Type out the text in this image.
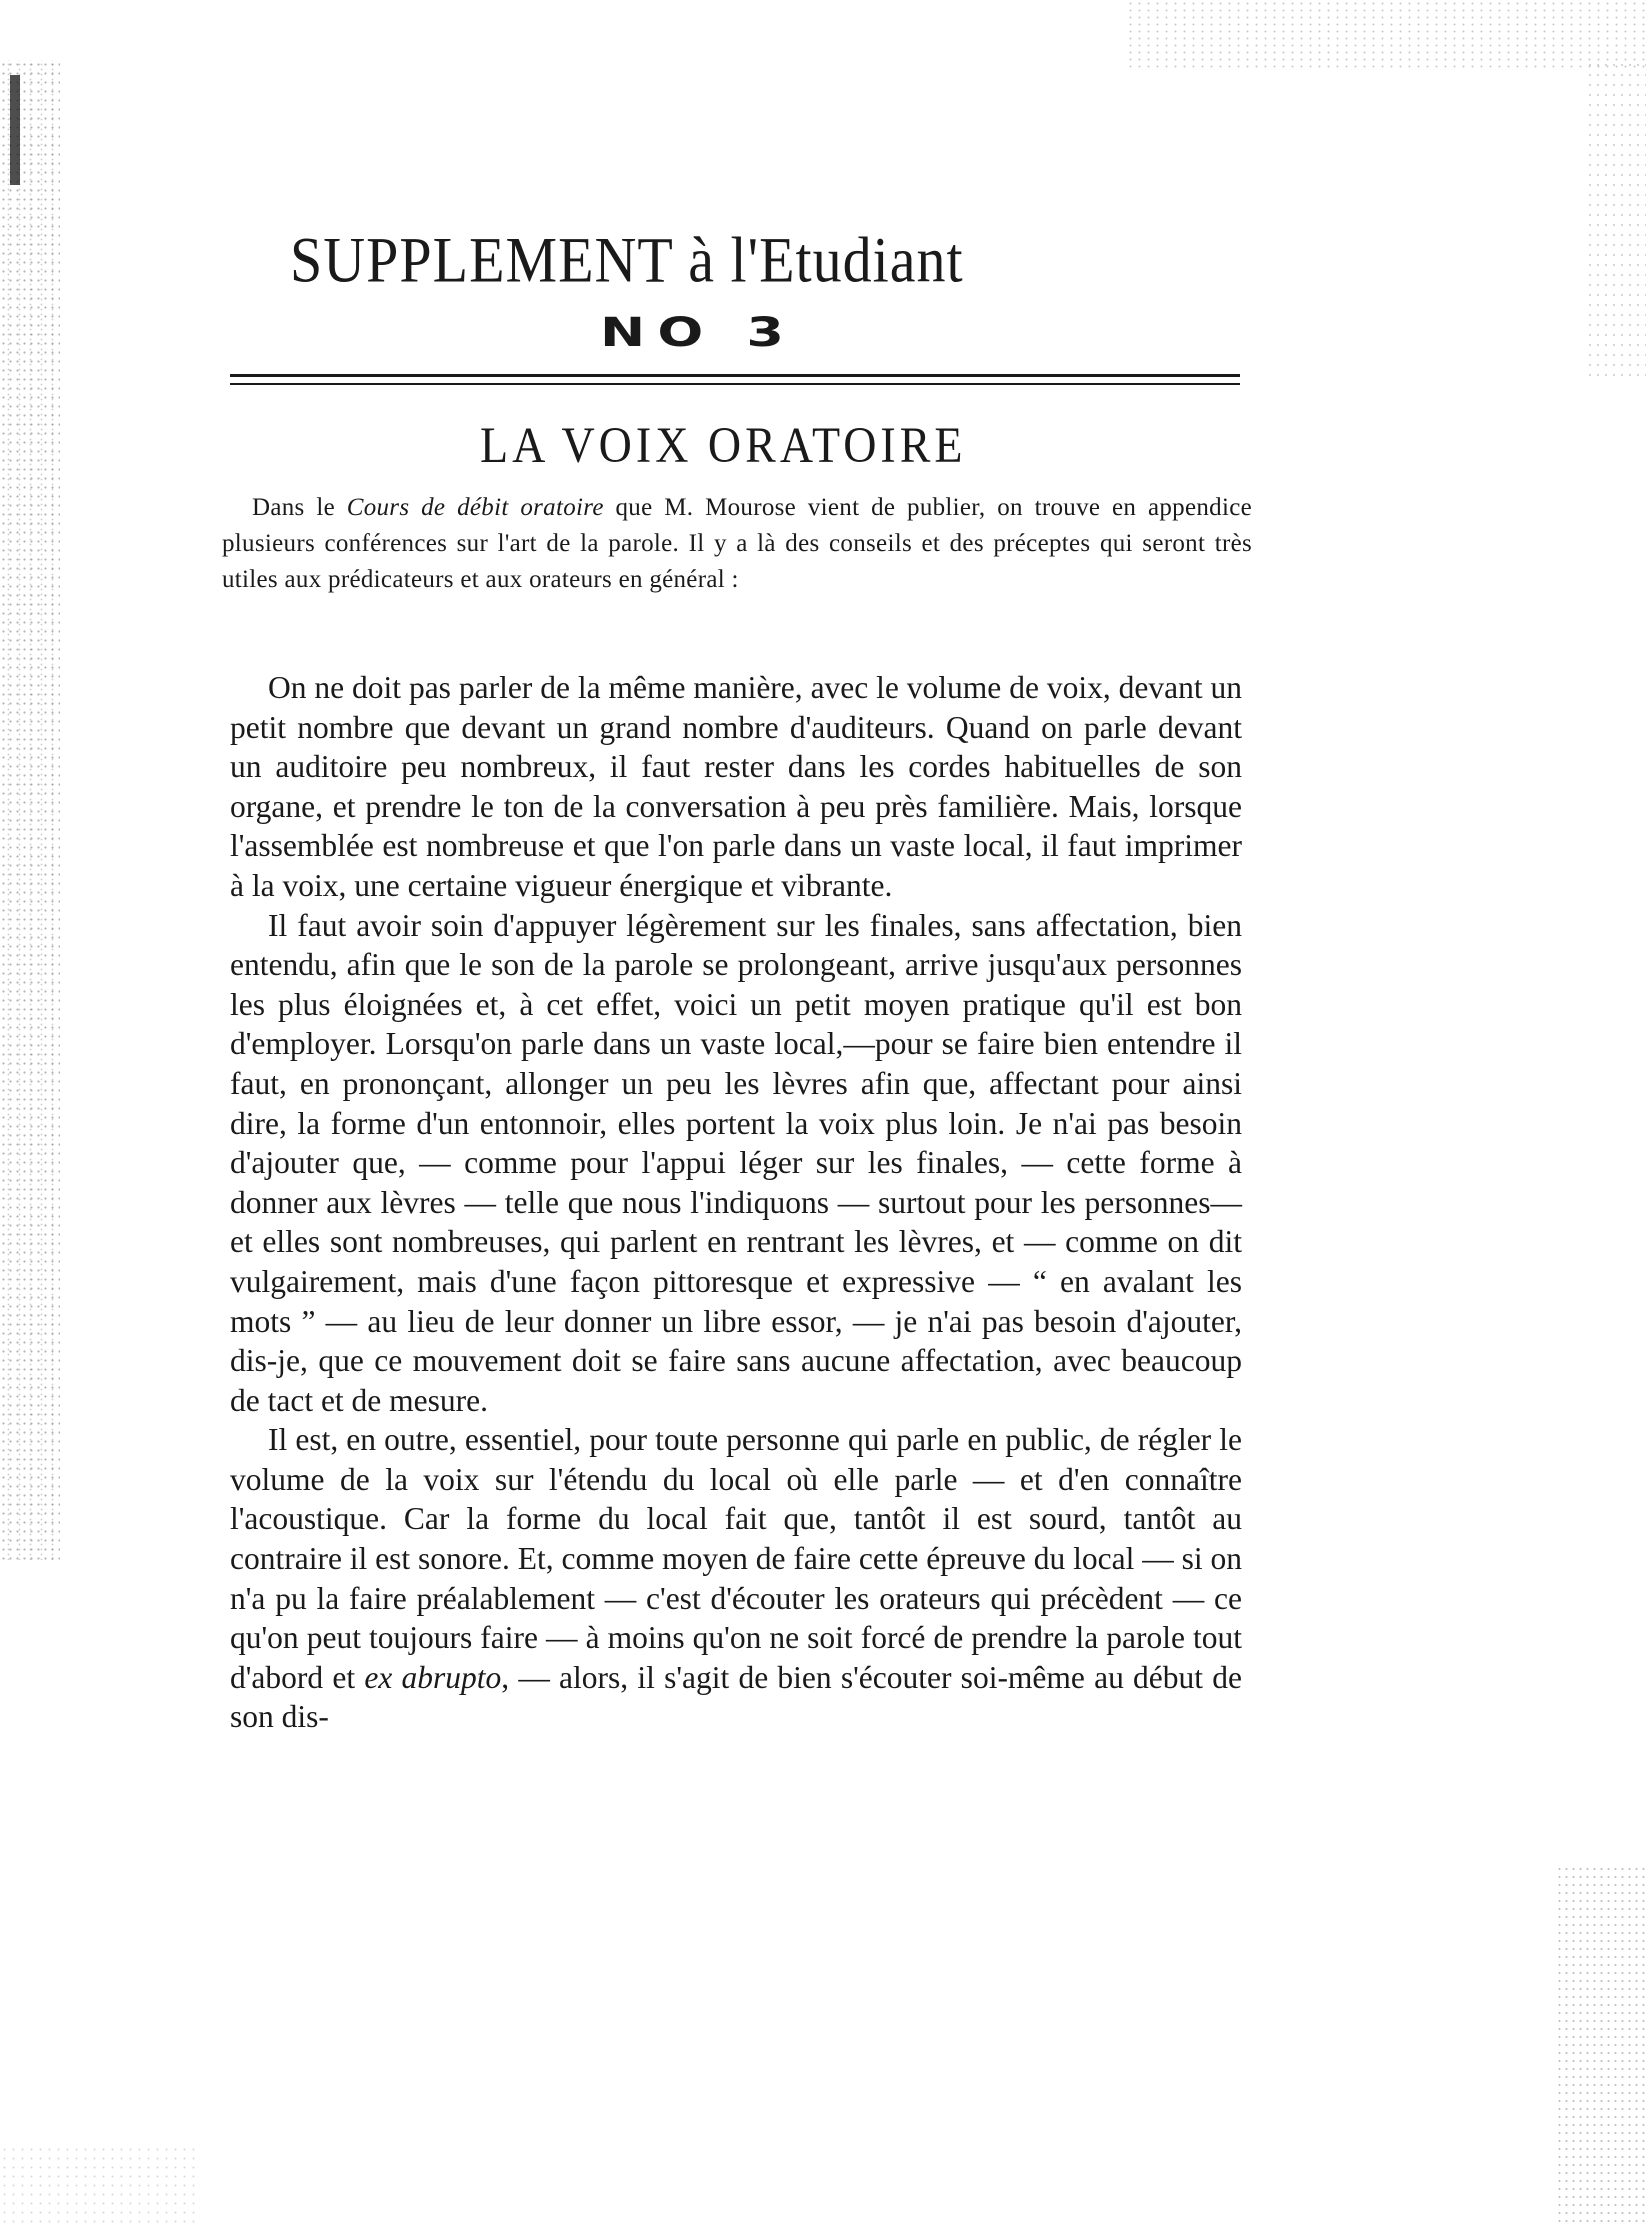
SUPPLEMENT à l'Etudiant
NO 3
LA VOIX ORATOIRE

Dans le Cours de débit oratoire que M. Mourose vient de publier, on trouve en appendice plusieurs conférences sur l'art de la parole. Il y a là des conseils et des préceptes qui seront très utiles aux prédicateurs et aux orateurs en général :

On ne doit pas parler de la même manière, avec le volume de voix, devant un petit nombre que devant un grand nombre d'auditeurs. Quand on parle devant un auditoire peu nombreux, il faut rester dans les cordes habituelles de son organe, et prendre le ton de la conversation à peu près familière. Mais, lorsque l'assemblée est nombreuse et que l'on parle dans un vaste local, il faut imprimer à la voix, une certaine vigueur énergique et vibrante.

Il faut avoir soin d'appuyer légèrement sur les finales, sans affectation, bien entendu, afin que le son de la parole se prolongeant, arrive jusqu'aux personnes les plus éloignées et, à cet effet, voici un petit moyen pratique qu'il est bon d'employer. Lorsqu'on parle dans un vaste local,—pour se faire bien entendre il faut, en prononçant, allonger un peu les lèvres afin que, affectant pour ainsi dire, la forme d'un entonnoir, elles portent la voix plus loin. Je n'ai pas besoin d'ajouter que, — comme pour l'appui léger sur les finales, — cette forme à donner aux lèvres — telle que nous l'indiquons — surtout pour les personnes—et elles sont nombreuses, qui parlent en rentrant les lèvres, et — comme on dit vulgairement, mais d'une façon pittoresque et expressive — “ en avalant les mots ” — au lieu de leur donner un libre essor, — je n'ai pas besoin d'ajouter, dis-je, que ce mouvement doit se faire sans aucune affectation, avec beaucoup de tact et de mesure.

Il est, en outre, essentiel, pour toute personne qui parle en public, de régler le volume de la voix sur l'étendu du local où elle parle — et d'en connaître l'acoustique. Car la forme du local fait que, tantôt il est sourd, tantôt au contraire il est sonore. Et, comme moyen de faire cette épreuve du local — si on n'a pu la faire préalablement — c'est d'écouter les orateurs qui précèdent — ce qu'on peut toujours faire — à moins qu'on ne soit forcé de prendre la parole tout d'abord et ex abrupto, — alors, il s'agit de bien s'écouter soi-même au début de son dis-
